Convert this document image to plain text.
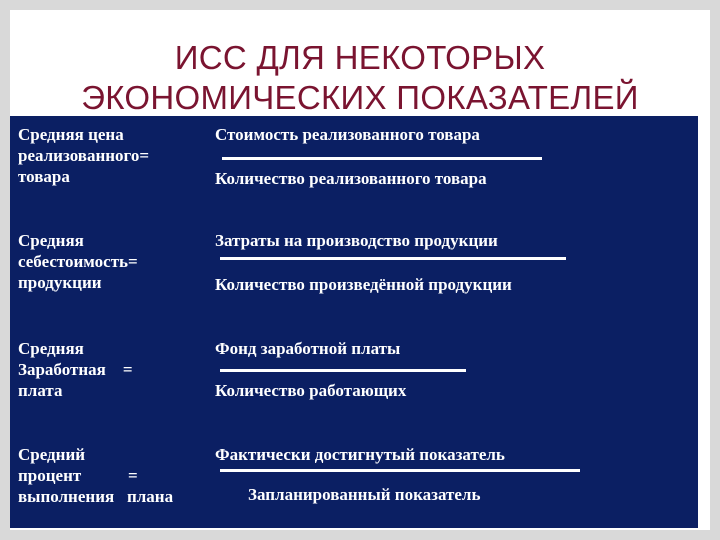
ИСС ДЛЯ НЕКОТОРЫХ
ЭКОНОМИЧЕСКИХ ПОКАЗАТЕЛЕЙ
Средняя цена
реализованного=
товара
Стоимость реализованного товара
Количество реализованного товара
Средняя
себестоимость=
продукции
Затраты на производство продукции
Количество произведённой продукции
Средняя
Заработная    =
плата
Фонд заработной платы
Количество работающих
Средний
процент           =
выполнения   плана
Фактически достигнутый показатель
Запланированный показатель
